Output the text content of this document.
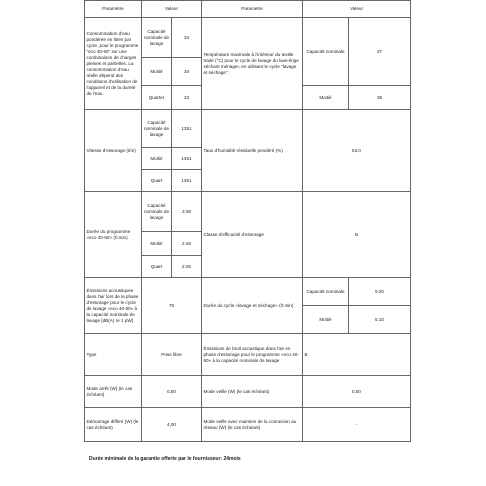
Paramètre	Valeur		Paramètre	Valeur	
Consommation d'eau pondérée en litres par cycle, pour le programme "eco 40-60" sur une combinaison de charges pleines et partielles. La consommation d'eau réelle dépend des conditions d'utilisation de l'appareil et de la dureté de l'eau.	Capacité nominale de lavage	34	Température maximale à l'intérieur du textile traité (°C) pour le cycle de lavage du lave-linge séchant ménager, en utilisant le cycle "lavage et séchage".	Capacité nominale	37
	Moitié	34			
	Quarter	23		Moitié	35
Vitesse d'essorage (t/m)	Capacité nominale de lavage	1351	Taux d'humidité résiduelle pondéré (%)	53,0	
	Moitié	1351			
	Quart	1351			
Durée du programme «eco 40-60» (h:min)	Capacité nominale de lavage	3:38	Classe d'efficacité d'essorage	B	
	Moitié	2:48			
	Quart	2:25			
Émissions acoustiques dans l'air lors de la phase d'essorage pour le cycle de lavage «eco 40-60» à la capacité nominale de lavage [dB(A) re 1 pW]	75		Durée du cycle «lavage et séchage» (h:min)	Capacité nominale	9:20
				Moitié	5:10
Type	Pose libre		Émissions de bruit acoustique dans l'air en phase d'essorage pour le programme «eco 40-60» à la capacité nominale de lavage	B	
Mode arrêt (W) (le cas échéant)	0,50		Mode veille (W) (le cas échéant)	0,50	
Démarrage différé (W) (le cas échéant)	4,00		Mode veille avec maintien de la connexion au réseau (W) (le cas échéant)	-	
Durée minimale de la garantie offerte par le fournisseur: 24mois
